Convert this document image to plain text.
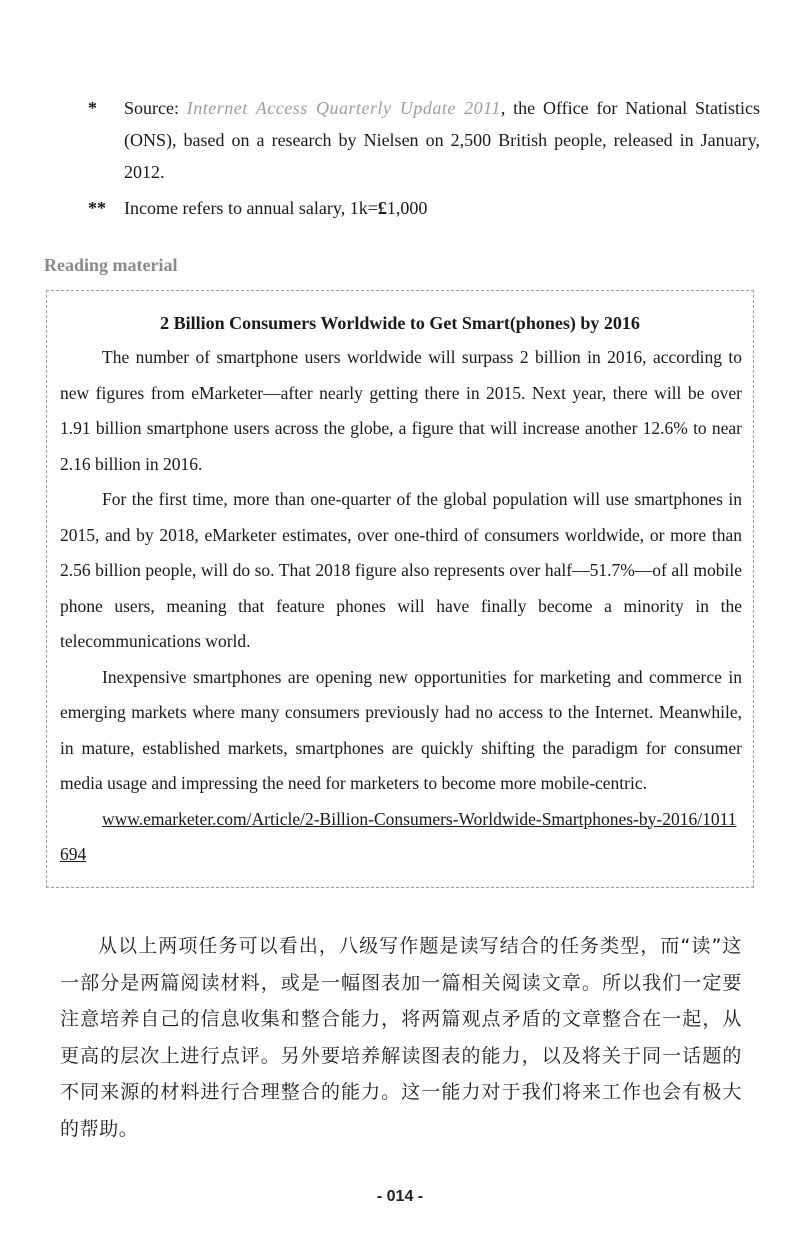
* Source: Internet Access Quarterly Update 2011, the Office for National Statistics (ONS), based on a research by Nielsen on 2,500 British people, released in January, 2012.
** Income refers to annual salary, 1k=£1,000
Reading material
2 Billion Consumers Worldwide to Get Smart(phones) by 2016

The number of smartphone users worldwide will surpass 2 billion in 2016, according to new figures from eMarketer—after nearly getting there in 2015. Next year, there will be over 1.91 billion smartphone users across the globe, a figure that will increase another 12.6% to near 2.16 billion in 2016.

For the first time, more than one-quarter of the global population will use smartphones in 2015, and by 2018, eMarketer estimates, over one-third of consumers worldwide, or more than 2.56 billion people, will do so. That 2018 figure also represents over half—51.7%—of all mobile phone users, meaning that feature phones will have finally become a minority in the telecommunications world.

Inexpensive smartphones are opening new opportunities for marketing and commerce in emerging markets where many consumers previously had no access to the Internet. Meanwhile, in mature, established markets, smartphones are quickly shifting the paradigm for consumer media usage and impressing the need for marketers to become more mobile-centric.

www.emarketer.com/Article/2-Billion-Consumers-Worldwide-Smartphones-by-2016/1011694

从以上两项任务可以看出，八级写作题是读写结合的任务类型，而“读”这一部分是两篇阅读材料，或是一幅图表加一篇相关阅读文章。所以我们一定要注意培养自己的信息收集和整合能力，将两篇观点矛盾的文章整合在一起，从更高的层次上进行点评。另外要培养解读图表的能力，以及将关于同一话题的不同来源的材料进行合理整合的能力。这一能力对于我们将来工作也会有极大的帮助。

- 014 -
